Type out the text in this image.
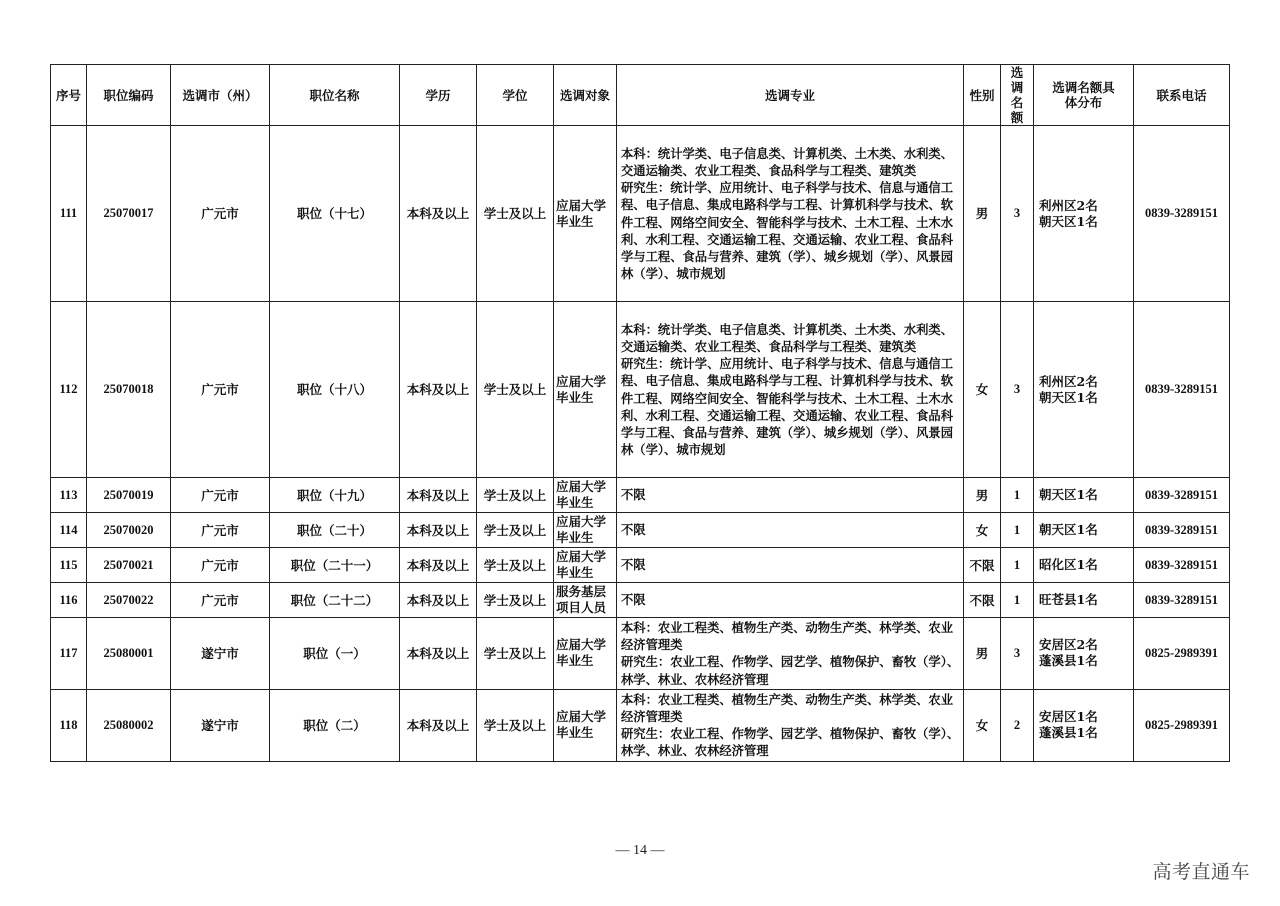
序号	职位编码	选调市（州）	职位名称	学历	学位	选调对象	选调专业	性别	选调名额	选调名额具体分布	联系电话
111	25070017	广元市	职位（十七）	本科及以上	学士及以上	应届大学毕业生	本科：统计学类、电子信息类、计算机类、土木类、水利类、交通运输类、农业工程类、食品科学与工程类、建筑类
研究生：统计学、应用统计、电子科学与技术、信息与通信工程、电子信息、集成电路科学与工程、计算机科学与技术、软件工程、网络空间安全、智能科学与技术、土木工程、土木水利、水利工程、交通运输工程、交通运输、农业工程、食品科学与工程、食品与营养、建筑（学）、城乡规划（学）、风景园林（学）、城市规划	男	3	利州区2名
朝天区1名	0839-3289151
112	25070018	广元市	职位（十八）	本科及以上	学士及以上	应届大学毕业生	本科：统计学类、电子信息类、计算机类、土木类、水利类、交通运输类、农业工程类、食品科学与工程类、建筑类
研究生：统计学、应用统计、电子科学与技术、信息与通信工程、电子信息、集成电路科学与工程、计算机科学与技术、软件工程、网络空间安全、智能科学与技术、土木工程、土木水利、水利工程、交通运输工程、交通运输、农业工程、食品科学与工程、食品与营养、建筑（学）、城乡规划（学）、风景园林（学）、城市规划	女	3	利州区2名
朝天区1名	0839-3289151
113	25070019	广元市	职位（十九）	本科及以上	学士及以上	应届大学毕业生	不限	男	1	朝天区1名	0839-3289151
114	25070020	广元市	职位（二十）	本科及以上	学士及以上	应届大学毕业生	不限	女	1	朝天区1名	0839-3289151
115	25070021	广元市	职位（二十一）	本科及以上	学士及以上	应届大学毕业生	不限	不限	1	昭化区1名	0839-3289151
116	25070022	广元市	职位（二十二）	本科及以上	学士及以上	服务基层项目人员	不限	不限	1	旺苍县1名	0839-3289151
117	25080001	遂宁市	职位（一）	本科及以上	学士及以上	应届大学毕业生	本科：农业工程类、植物生产类、动物生产类、林学类、农业经济管理类
研究生：农业工程、作物学、园艺学、植物保护、畜牧（学）、林学、林业、农林经济管理	男	3	安居区2名
蓬溪县1名	0825-2989391
118	25080002	遂宁市	职位（二）	本科及以上	学士及以上	应届大学毕业生	本科：农业工程类、植物生产类、动物生产类、林学类、农业经济管理类
研究生：农业工程、作物学、园艺学、植物保护、畜牧（学）、林学、林业、农林经济管理	女	2	安居区1名
蓬溪县1名	0825-2989391
— 14 —
高考直通车
